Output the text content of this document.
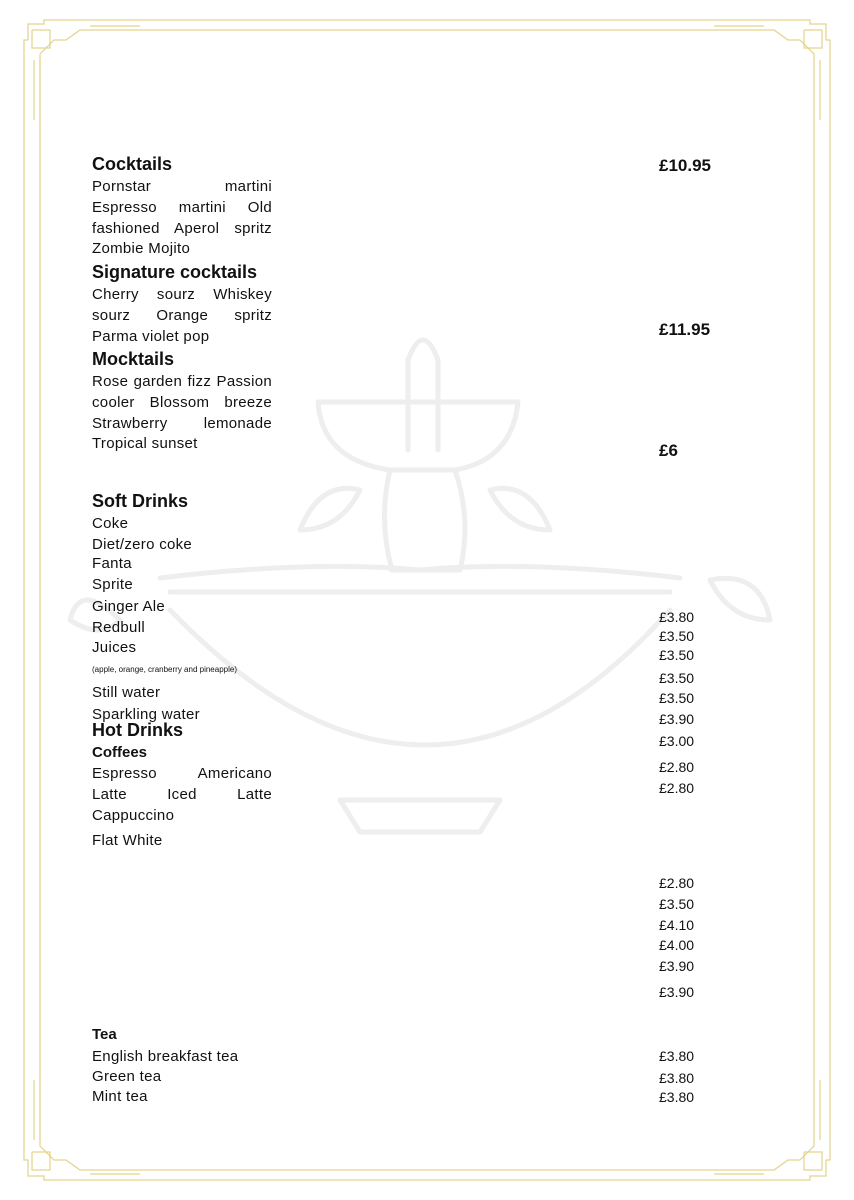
Cocktails
Pornstar martini Espresso martini Old fashioned Aperol spritz Zombie Mojito
£10.95
Signature cocktails
Cherry sourz Whiskey sourz Orange spritz Parma violet pop	£11.95
Mocktails
Rose garden fizz Passion cooler Blossom breeze Strawberry lemonade Tropical sunset	£6
Soft Drinks
Coke
Diet/zero coke
Fanta
Sprite
Ginger Ale
Redbull
Juices
(apple, orange, cranberry and pineapple)
Still water
Sparkling water
£3.80
£3.50
£3.50
£3.50
£3.50
£3.90
£3.00
£2.80
£2.80
Hot Drinks
Coffees
Espresso Americano Latte Iced Latte Cappuccino
Flat White
£2.80
£3.50
£4.10
£4.00
£3.90
£3.90
Tea
English breakfast tea
Green tea
Mint tea
£3.80
£3.80
£3.80
